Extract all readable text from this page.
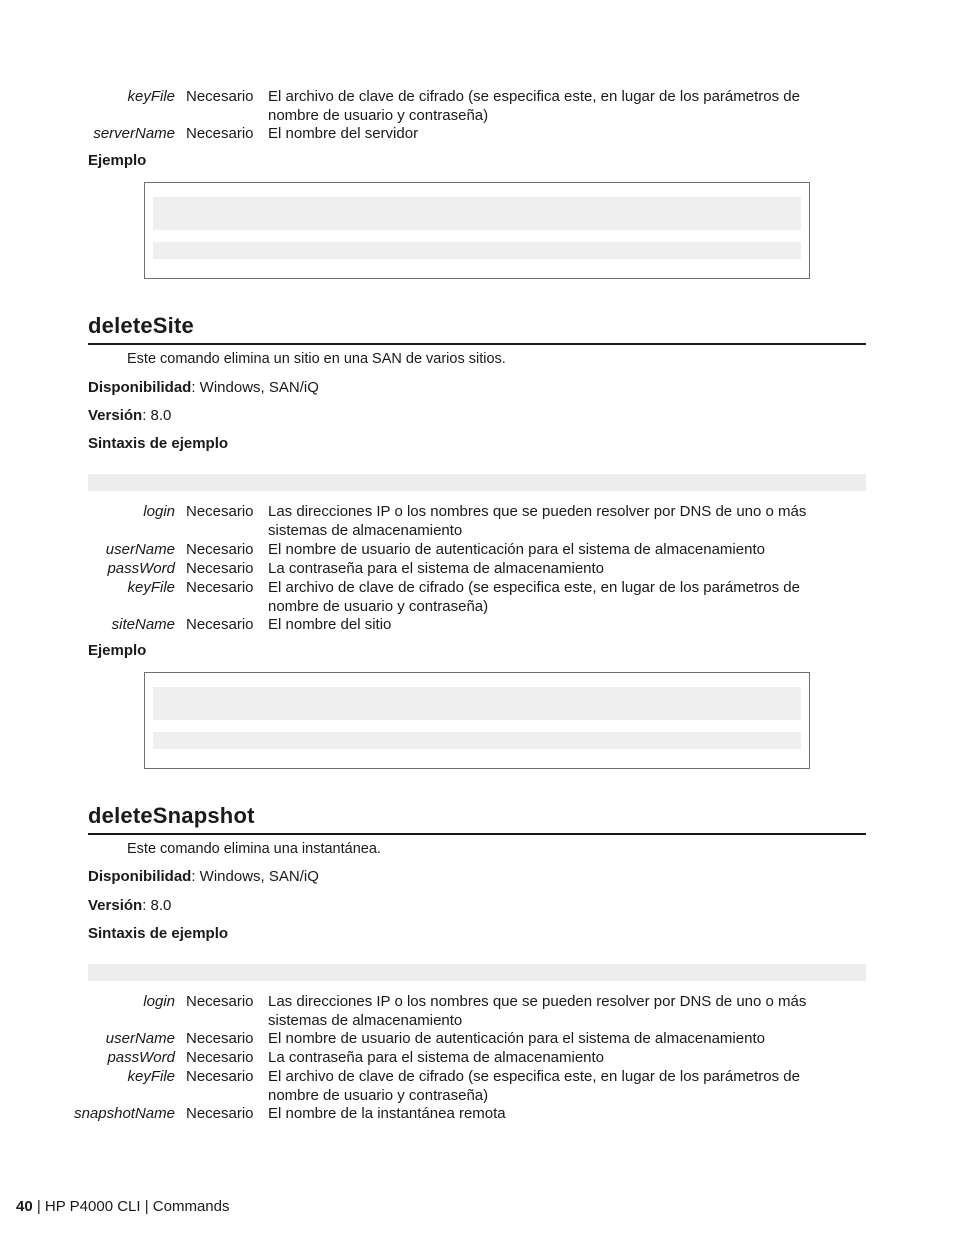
keyFile Necesario El archivo de clave de cifrado (se especifica este, en lugar de los parámetros de nombre de usuario y contraseña)
serverName Necesario El nombre del servidor
Ejemplo
deleteSite
Este comando elimina un sitio en una SAN de varios sitios.
Disponibilidad: Windows, SAN/iQ
Versión: 8.0
Sintaxis de ejemplo
login Necesario Las direcciones IP o los nombres que se pueden resolver por DNS de uno o más sistemas de almacenamiento
userName Necesario El nombre de usuario de autenticación para el sistema de almacenamiento
passWord Necesario La contraseña para el sistema de almacenamiento
keyFile Necesario El archivo de clave de cifrado (se especifica este, en lugar de los parámetros de nombre de usuario y contraseña)
siteName Necesario El nombre del sitio
Ejemplo
deleteSnapshot
Este comando elimina una instantánea.
Disponibilidad: Windows, SAN/iQ
Versión: 8.0
Sintaxis de ejemplo
login Necesario Las direcciones IP o los nombres que se pueden resolver por DNS de uno o más sistemas de almacenamiento
userName Necesario El nombre de usuario de autenticación para el sistema de almacenamiento
passWord Necesario La contraseña para el sistema de almacenamiento
keyFile Necesario El archivo de clave de cifrado (se especifica este, en lugar de los parámetros de nombre de usuario y contraseña)
snapshotName Necesario El nombre de la instantánea remota
40 | HP P4000 CLI | Commands
